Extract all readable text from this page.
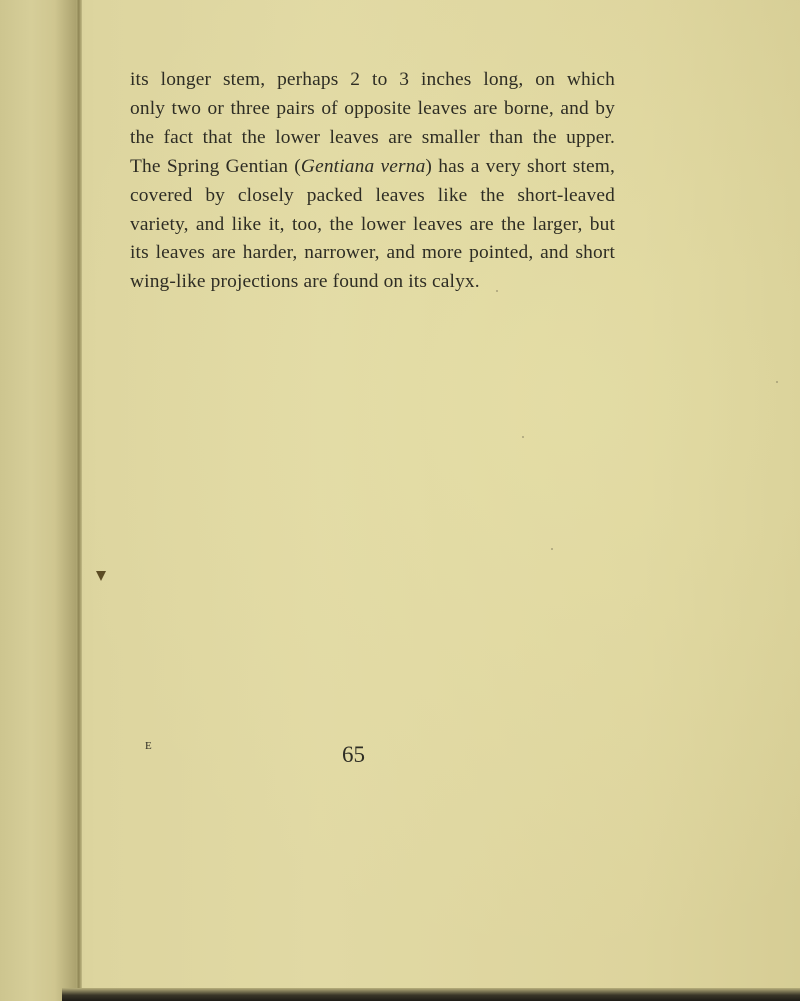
its longer stem, perhaps 2 to 3 inches long, on which
only two or three pairs of opposite leaves are borne, and by
the fact that the lower leaves are smaller than the upper.
The Spring Gentian (Gentiana verna) has a very short stem,
covered by closely packed leaves like the short-leaved
variety, and like it, too, the lower leaves are the larger, but
its leaves are harder, narrower, and more pointed, and short
wing-like projections are found on its calyx.
E	65
